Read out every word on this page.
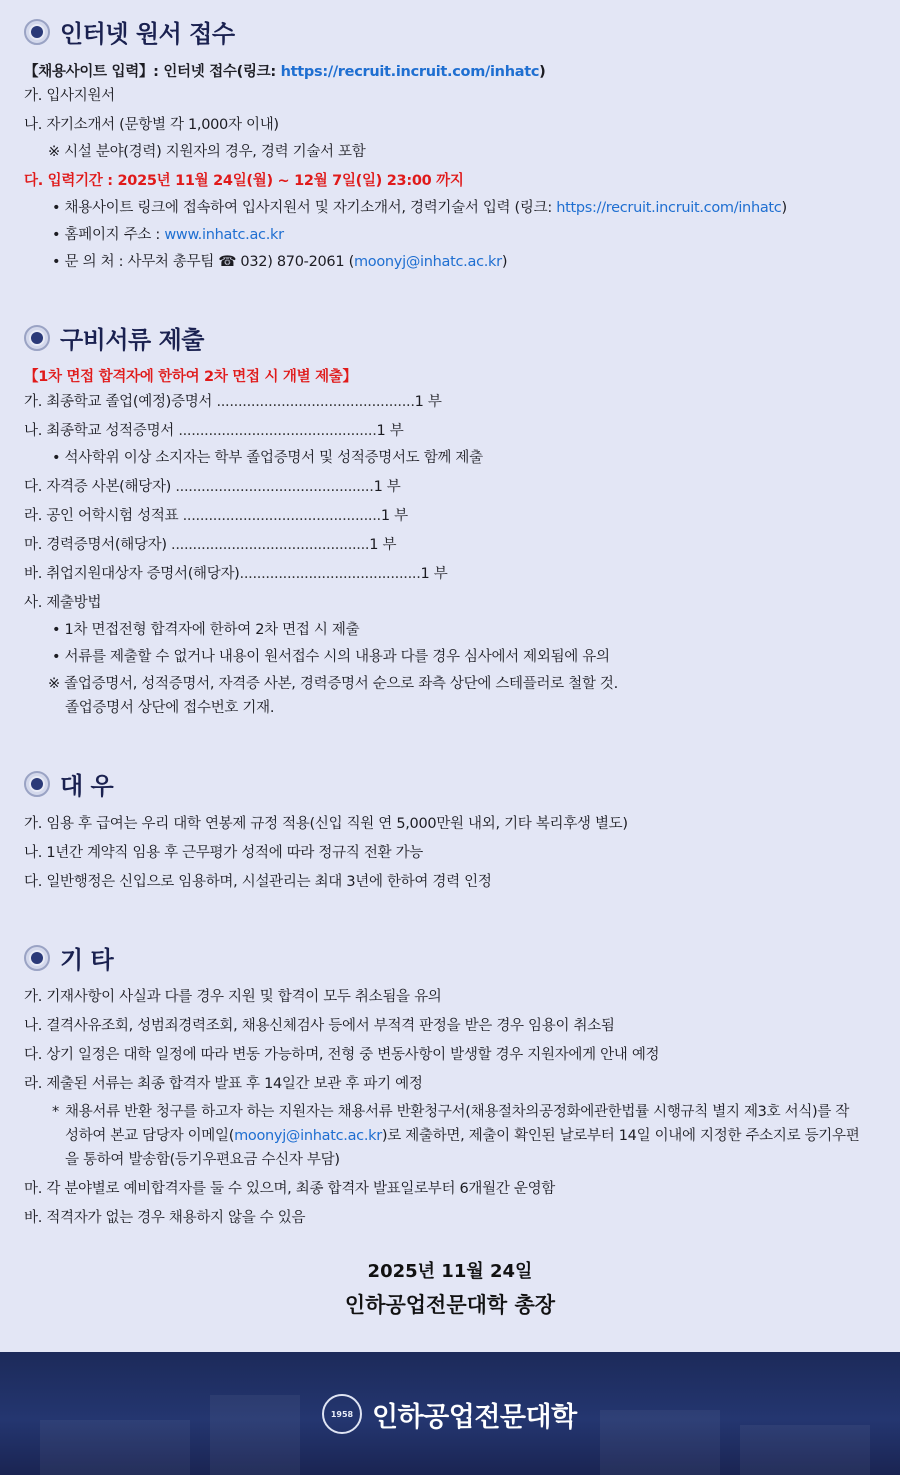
인터넷 원서 접수
【채용사이트 입력】: 인터넷 접수(링크: https://recruit.incruit.com/inhatc)
가. 입사지원서
나. 자기소개서 (문항별 각 1,000자 이내)
※ 시설 분야(경력) 지원자의 경우, 경력 기술서 포함
다. 입력기간 : 2025년 11월 24일(월) ~ 12월 7일(일) 23:00 까지
• 채용사이트 링크에 접속하여 입사지원서 및 자기소개서, 경력기술서 입력 (링크: https://recruit.incruit.com/inhatc)
• 홈페이지 주소 : www.inhatc.ac.kr
• 문 의 처 : 사무처 총무팀 ☎ 032) 870-2061 (moonyj@inhatc.ac.kr)
구비서류 제출
【1차 면접 합격자에 한하여 2차 면접 시 개별 제출】
가. 최종학교 졸업(예정)증명서 ..............................................1 부
나. 최종학교 성적증명서 ..............................................1 부
• 석사학위 이상 소지자는 학부 졸업증명서 및 성적증명서도 함께 제출
다. 자격증 사본(해당자) ..............................................1 부
라. 공인 어학시험 성적표 ..............................................1 부
마. 경력증명서(해당자) ..............................................1 부
바. 취업지원대상자 증명서(해당자)..........................................1 부
사. 제출방법
• 1차 면접전형 합격자에 한하여 2차 면접 시 제출
• 서류를 제출할 수 없거나 내용이 원서접수 시의 내용과 다를 경우 심사에서 제외됨에 유의
※ 졸업증명서, 성적증명서, 자격증 사본, 경력증명서 순으로 좌측 상단에 스테플러로 철할 것.
졸업증명서 상단에 접수번호 기재.
대 우
가. 임용 후 급여는 우리 대학 연봉제 규정 적용(신입 직원 연 5,000만원 내외, 기타 복리후생 별도)
나. 1년간 계약직 임용 후 근무평가 성적에 따라 정규직 전환 가능
다. 일반행정은 신입으로 임용하며, 시설관리는 최대 3년에 한하여 경력 인정
기 타
가. 기재사항이 사실과 다를 경우 지원 및 합격이 모두 취소됨을 유의
나. 결격사유조회, 성범죄경력조회, 채용신체검사 등에서 부적격 판정을 받은 경우 임용이 취소됨
다. 상기 일정은 대학 일정에 따라 변동 가능하며, 전형 중 변동사항이 발생할 경우 지원자에게 안내 예정
라. 제출된 서류는 최종 합격자 발표 후 14일간 보관 후 파기 예정
* 채용서류 반환 청구를 하고자 하는 지원자는 채용서류 반환청구서(채용절차의공정화에관한법률 시행규칙 별지 제3호 서식)를 작성하여 본교 담당자 이메일(moonyj@inhatc.ac.kr)로 제출하면, 제출이 확인된 날로부터 14일 이내에 지정한 주소지로 등기우편을 통하여 발송함(등기우편요금 수신자 부담)
마. 각 분야별로 예비합격자를 둘 수 있으며, 최종 합격자 발표일로부터 6개월간 운영함
바. 적격자가 없는 경우 채용하지 않을 수 있음
2025년 11월 24일
인하공업전문대학 총장
1958 인하공업전문대학
